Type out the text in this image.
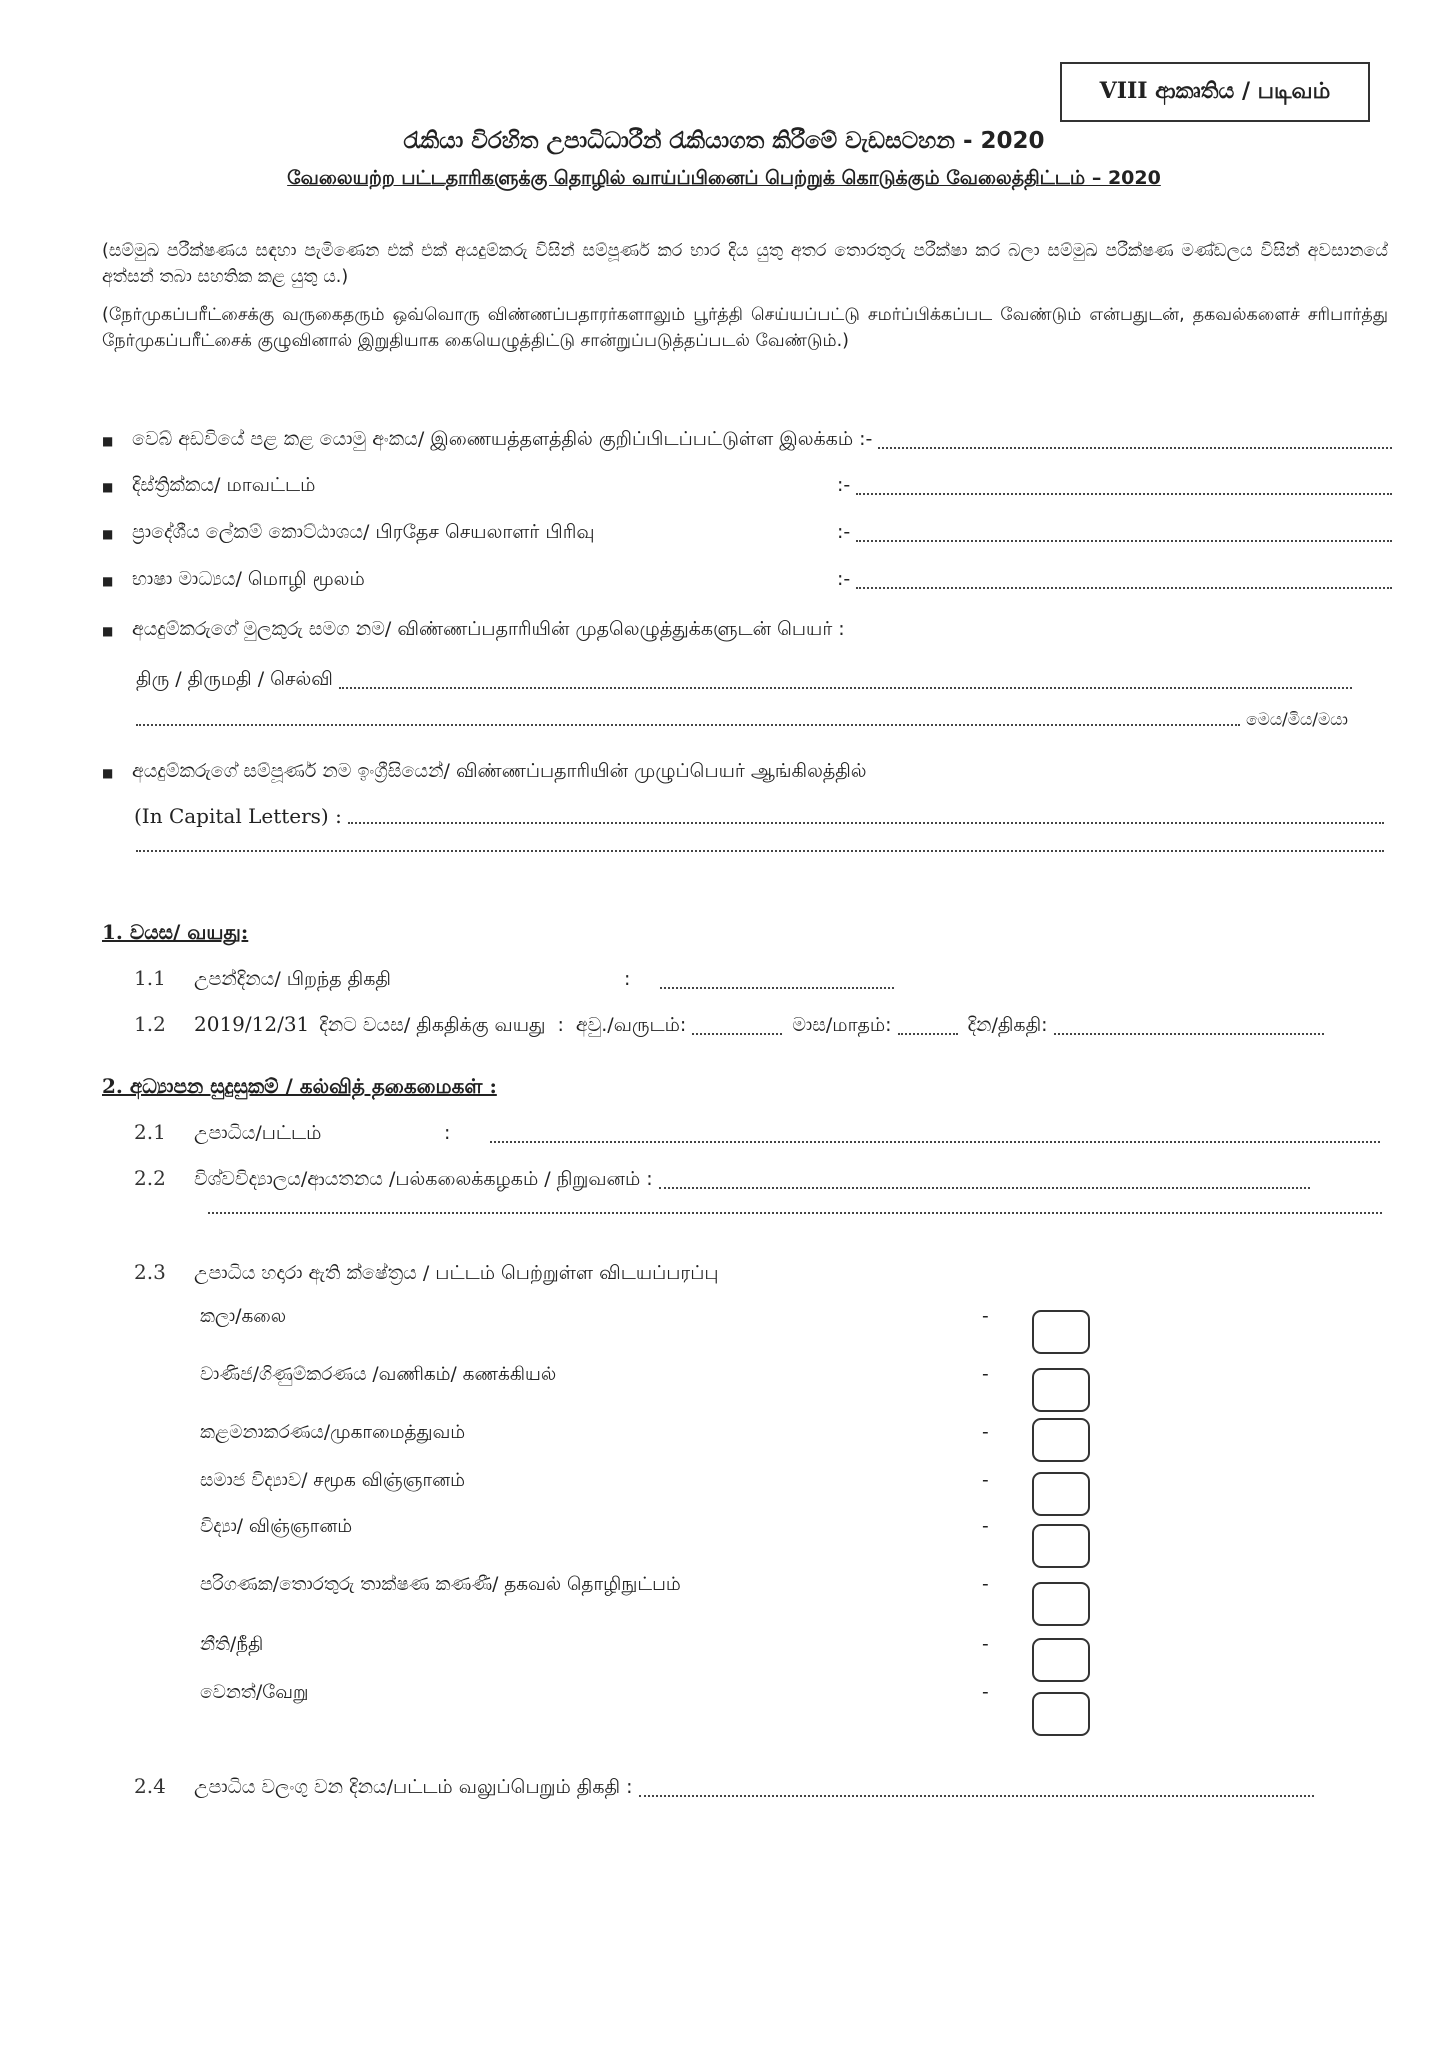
VIII ආකෘතිය / படிவம்
රැකියා විරහිත උපාධිධාරීන් රැකියාගත කිරීමේ වැඩසටහන - 2020
வேலையற்ற பட்டதாரிகளுக்கு தொழில் வாய்ப்பினைப் பெற்றுக் கொடுக்கும் வேலைத்திட்டம் – 2020

(සම්මුඛ පරීක්ෂණය සඳහා පැමිණෙන එක් එක් අයදුම්කරු විසින් සම්පූර්ණ කර භාර දිය යුතු අතර තොරතුරු පරීක්ෂා කර බලා සම්මුඛ පරීක්ෂණ මණ්ඩලය විසින් අවසානයේ අත්සන් තබා සහතික කළ යුතු ය.)

(நேர்முகப்பரீட்சைக்கு வருகைதரும் ஒவ்வொரு விண்ணப்பதாரர்களாலும் பூர்த்தி செய்யப்பட்டு சமர்ப்பிக்கப்பட வேண்டும் என்பதுடன், தகவல்களைச் சரிபார்த்து நேர்முகப்பரீட்சைக் குழுவினால் இறுதியாக கையெழுத்திட்டு சான்றுப்படுத்தப்படல் வேண்டும்.)

■ වෙබ් අඩවියේ පළ කළ යොමු අංකය/ இணையத்தளத்தில் குறிப்பிடப்பட்டுள்ள இலக்கம் :-
■ දිස්ත්‍රික්කය/ மாவட்டம்	:-
■ ප්‍රාදේශීය ලේකම් කොට්ඨාශය/ பிரதேச செயலாளர் பிரிவு	:-
■ භාෂා මාධ්‍යය/ மொழி மூலம்	:-
■ අයදුම්කරුගේ මුලකුරු සමග නම/ விண்ணப்பதாரியின் முதலெழுத்துக்களுடன் பெயர் :
திரு / திருமதி / செல்வி
මෙය/මිය/මයා
■ අයදුම්කරුගේ සම්පූර්ණ නම ඉංග්‍රීසියෙන්/ விண்ணப்பதாரியின் முழுப்பெயர் ஆங்கிலத்தில்
(In Capital Letters) :
1. වයස/ வயது:
1.1	උපන්දිනය/ பிறந்த திகதி	:
1.2	2019/12/31 දිනට වයස/ திகதிக்கு வயது : අවු./வருடம்:	මාස/மாதம்:	දින/திகதி:
2. අධ්‍යාපන සුදුසුකම් / கல்வித் தகைமைகள் :
2.1	උපාධිය/பட்டம்	:
2.2	විශ්වවිද්‍යාලය/ආයතනය /பல்கலைக்கழகம் / நிறுவனம் :
2.3	උපාධිය හදාරා ඇති ක්ෂේත්‍රය / பட்டம் பெற்றுள்ள விடயப்பரப்பு
කලා/கலை	-
වාණිජ/ගිණුම්කරණය /வணிகம்/ கணக்கியல்	-
කළමනාකරණය/முகாமைத்துவம்	-
සමාජ විද්‍යාව/ சமூக விஞ்ஞானம்	-
විද්‍යා/ விஞ்ஞானம்	-
පරිගණක/තොරතුරු තාක්ෂණ කණණී/ தகவல் தொழிநுட்பம்	-
නීති/நீதி	-
වෙනත්/வேறு	-
2.4	උපාධිය වලංගු වන දිනය/பட்டம் வலுப்பெறும் திகதி :
